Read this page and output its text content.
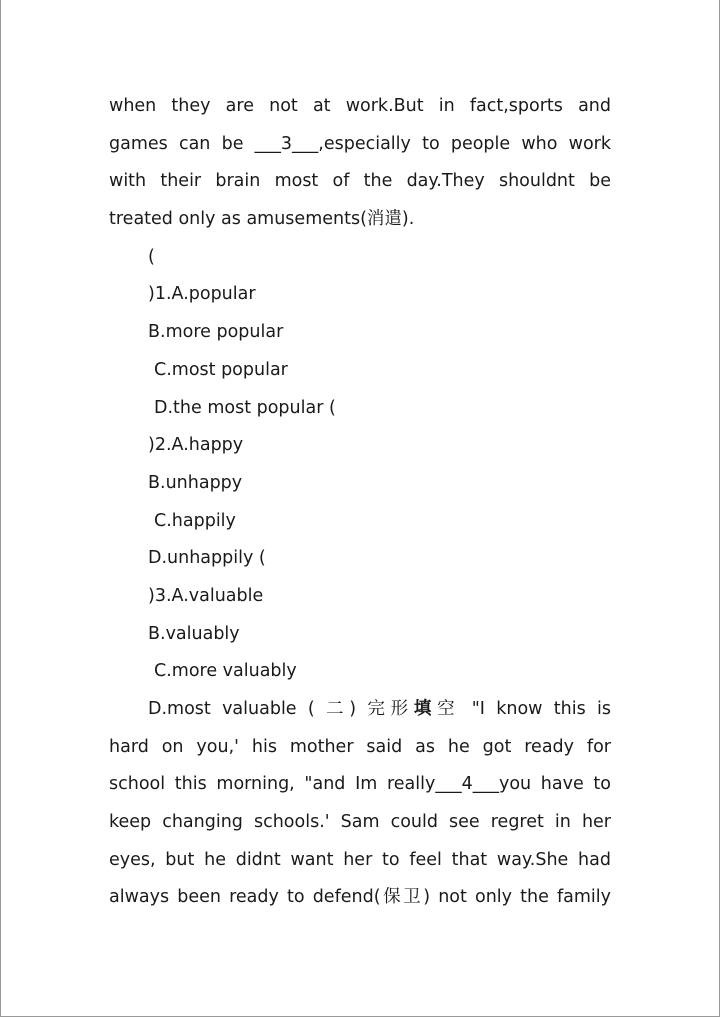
when they are not at work.But in fact,sports and
games can be ___3___,especially to people who work
with their brain most of the day.They shouldnt be
treated only as amusements(消遣).
(
)1.A.popular
B.more popular
C.most popular
D.the most popular (
)2.A.happy
B.unhappy
C.happily
D.unhappily (
)3.A.valuable
B.valuably
C.more valuably
D.most valuable ( 二) 完形填空 "I know this is
hard on you,' his mother said as he got ready for
school this morning, "and Im really___4___you have to
keep changing schools.' Sam could see regret in her
eyes, but he didnt want her to feel that way.She had
always been ready to defend(保卫) not only the family
